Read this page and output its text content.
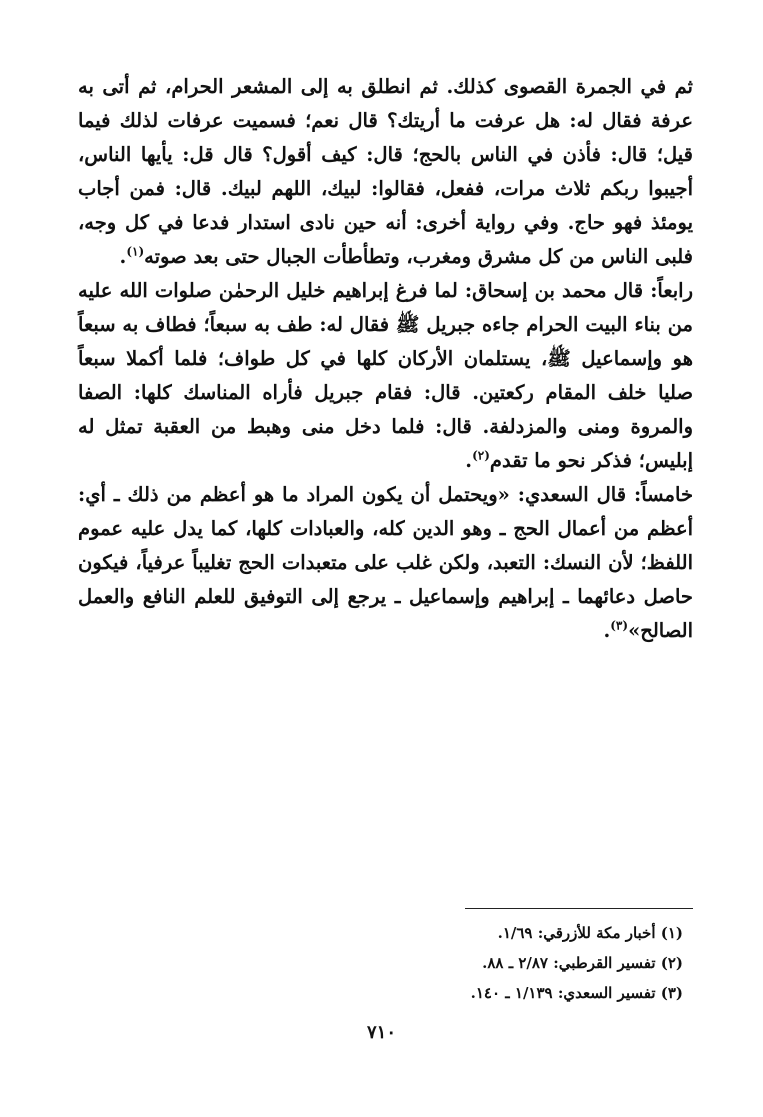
ثم في الجمرة القصوى كذلك. ثم انطلق به إلى المشعر الحرام، ثم أتى به عرفة فقال له: هل عرفت ما أريتك؟ قال نعم؛ فسميت عرفات لذلك فيما قيل؛ قال: فأذن في الناس بالحج؛ قال: كيف أقول؟ قال قل: يأيها الناس، أجيبوا ربكم ثلاث مرات، ففعل، فقالوا: لبيك، اللهم لبيك. قال: فمن أجاب يومئذ فهو حاج. وفي رواية أخرى: أنه حين نادى استدار فدعا في كل وجه، فلبى الناس من كل مشرق ومغرب، وتطأطأت الجبال حتى بعد صوته$^{(١)}$.

رابعاً: قال محمد بن إسحاق: لما فرغ إبراهيم خليل الرحمٰن صلوات الله عليه من بناء البيت الحرام جاءه جبريل ﷺ فقال له: طف به سبعاً؛ فطاف به سبعاً هو وإسماعيل ﷺ، يستلمان الأركان كلها في كل طواف؛ فلما أكملا سبعاً صليا خلف المقام ركعتين. قال: فقام جبريل فأراه المناسك كلها: الصفا والمروة ومنى والمزدلفة. قال: فلما دخل منى وهبط من العقبة تمثل له إبليس؛ فذكر نحو ما تقدم$^{(٢)}$.

خامساً: قال السعدي: «ويحتمل أن يكون المراد ما هو أعظم من ذلك ـ أي: أعظم من أعمال الحج ـ وهو الدين كله، والعبادات كلها، كما يدل عليه عموم اللفظ؛ لأن النسك: التعبد، ولكن غلب على متعبدات الحج تغليباً عرفياً، فيكون حاصل دعائهما ـ إبراهيم وإسماعيل ـ يرجع إلى التوفيق للعلم النافع والعمل الصالح»$^{(٣)}$.

(١) أخبار مكة للأزرقي: ١/٦٩.
(٢) تفسير القرطبي: ٢/٨٧ ـ ٨٨.
(٣) تفسير السعدي: ١/١٣٩ ـ ١٤٠.
٧١٠
